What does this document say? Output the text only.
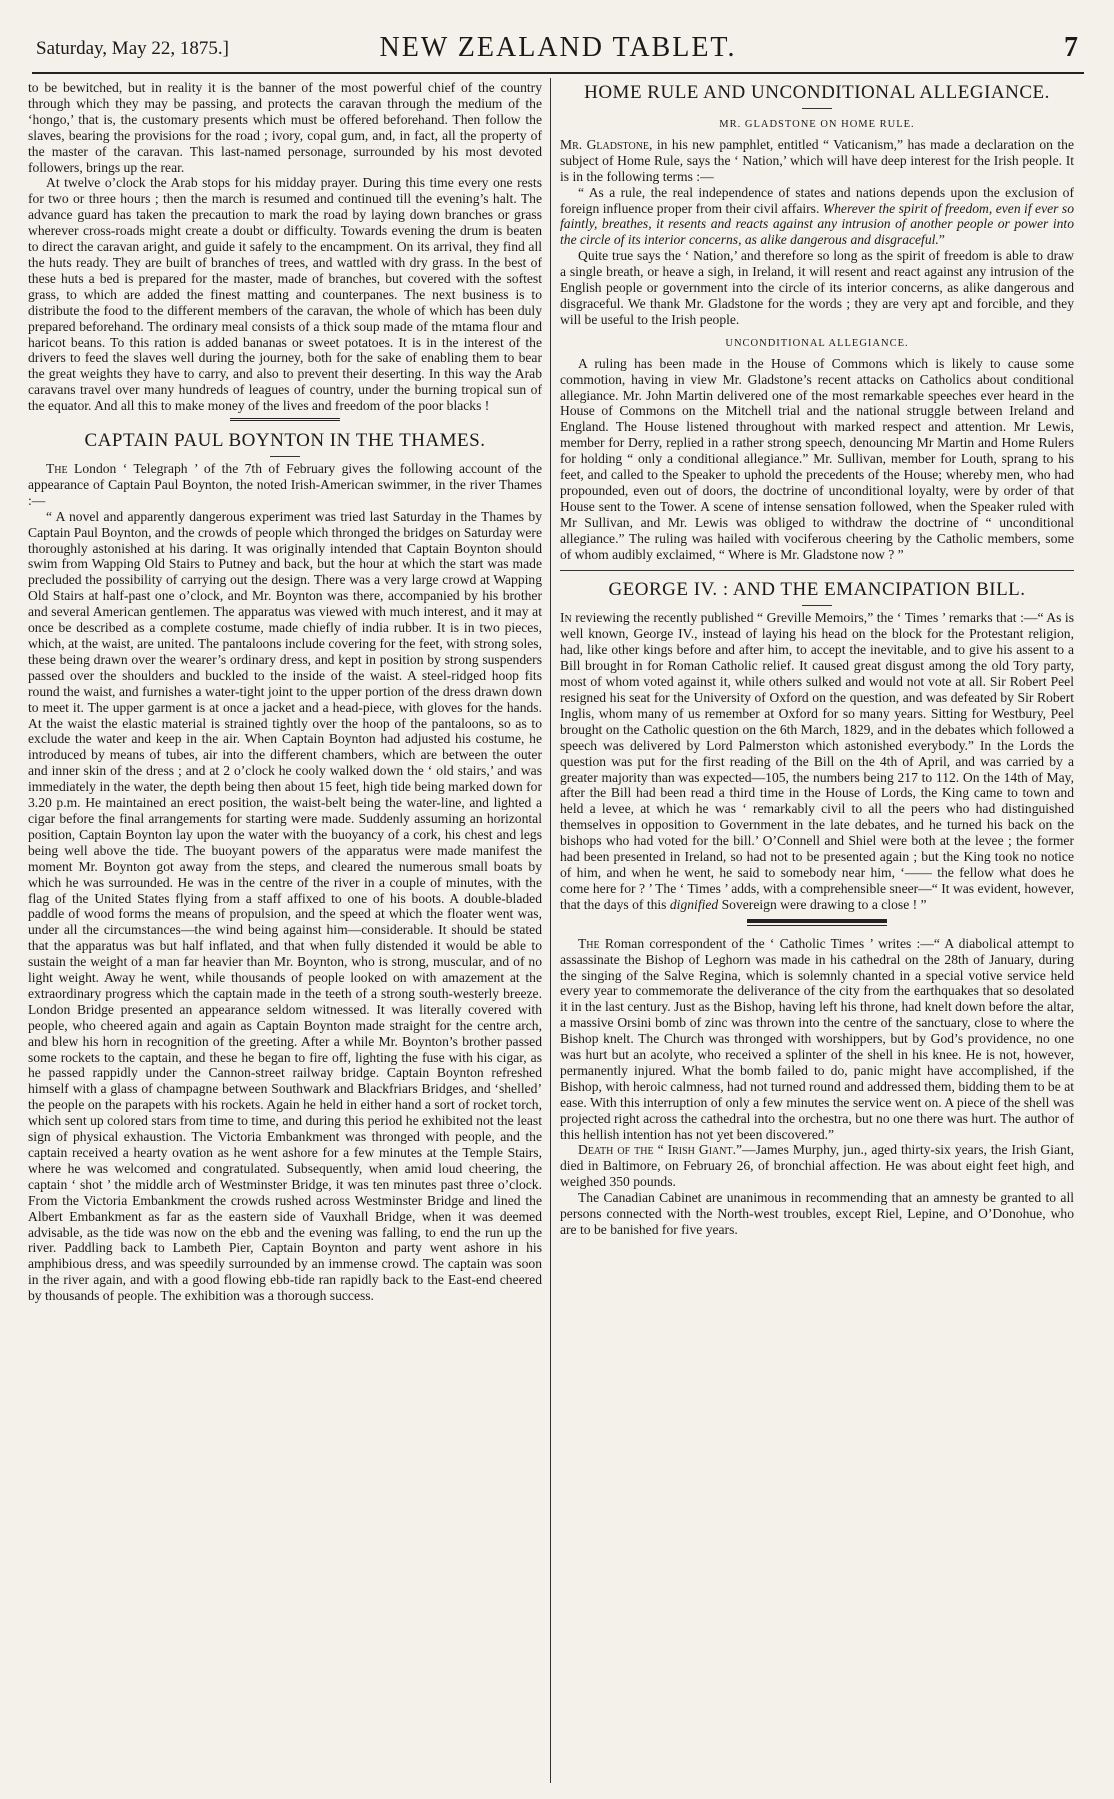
Saturday, May 22, 1875.]	NEW ZEALAND TABLET.	7

to be bewitched, but in reality it is the banner of the most powerful chief of the country through which they may be passing, and protects the caravan through the medium of the ‘hongo,’ that is, the customary presents which must be offered beforehand. Then follow the slaves, bearing the provisions for the road ; ivory, copal gum, and, in fact, all the property of the master of the caravan. This last-named personage, surrounded by his most devoted followers, brings up the rear.

At twelve o’clock the Arab stops for his midday prayer. During this time every one rests for two or three hours ; then the march is resumed and continued till the evening’s halt. The advance guard has taken the precaution to mark the road by laying down branches or grass wherever cross-roads might create a doubt or difficulty. Towards evening the drum is beaten to direct the caravan aright, and guide it safely to the encampment. On its arrival, they find all the huts ready. They are built of branches of trees, and wattled with dry grass. In the best of these huts a bed is prepared for the master, made of branches, but covered with the softest grass, to which are added the finest matting and counterpanes. The next business is to distribute the food to the different members of the caravan, the whole of which has been duly prepared beforehand. The ordinary meal consists of a thick soup made of the mtama flour and haricot beans. To this ration is added bananas or sweet potatoes. It is in the interest of the drivers to feed the slaves well during the journey, both for the sake of enabling them to bear the great weights they have to carry, and also to prevent their deserting. In this way the Arab caravans travel over many hundreds of leagues of country, under the burning tropical sun of the equator. And all this to make money of the lives and freedom of the poor blacks !

CAPTAIN PAUL BOYNTON IN THE THAMES.

The London ‘ Telegraph ’ of the 7th of February gives the following account of the appearance of Captain Paul Boynton, the noted Irish-American swimmer, in the river Thames :—

“ A novel and apparently dangerous experiment was tried last Saturday in the Thames by Captain Paul Boynton, and the crowds of people which thronged the bridges on Saturday were thoroughly astonished at his daring. It was originally intended that Captain Boynton should swim from Wapping Old Stairs to Putney and back, but the hour at which the start was made precluded the possibility of carrying out the design. There was a very large crowd at Wapping Old Stairs at half-past one o’clock, and Mr. Boynton was there, accompanied by his brother and several American gentlemen. The apparatus was viewed with much interest, and it may at once be described as a complete costume, made chiefly of india rubber. It is in two pieces, which, at the waist, are united. The pantaloons include covering for the feet, with strong soles, these being drawn over the wearer’s ordinary dress, and kept in position by strong suspenders passed over the shoulders and buckled to the inside of the waist. A steel-ridged hoop fits round the waist, and furnishes a water-tight joint to the upper portion of the dress drawn down to meet it. The upper garment is at once a jacket and a head-piece, with gloves for the hands. At the waist the elastic material is strained tightly over the hoop of the pantaloons, so as to exclude the water and keep in the air. When Captain Boynton had adjusted his costume, he introduced by means of tubes, air into the different chambers, which are between the outer and inner skin of the dress ; and at 2 o’clock he cooly walked down the ‘ old stairs,’ and was immediately in the water, the depth being then about 15 feet, high tide being marked down for 3.20 p.m. He maintained an erect position, the waist-belt being the water-line, and lighted a cigar before the final arrangements for starting were made. Suddenly assuming an horizontal position, Captain Boynton lay upon the water with the buoyancy of a cork, his chest and legs being well above the tide. The buoyant powers of the apparatus were made manifest the moment Mr. Boynton got away from the steps, and cleared the numerous small boats by which he was surrounded. He was in the centre of the river in a couple of minutes, with the flag of the United States flying from a staff affixed to one of his boots. A double-bladed paddle of wood forms the means of propulsion, and the speed at which the floater went was, under all the circumstances—the wind being against him—considerable. It should be stated that the apparatus was but half inflated, and that when fully distended it would be able to sustain the weight of a man far heavier than Mr. Boynton, who is strong, muscular, and of no light weight. Away he went, while thousands of people looked on with amazement at the extraordinary progress which the captain made in the teeth of a strong south-westerly breeze. London Bridge presented an appearance seldom witnessed. It was literally covered with people, who cheered again and again as Captain Boynton made straight for the centre arch, and blew his horn in recognition of the greeting. After a while Mr. Boynton’s brother passed some rockets to the captain, and these he began to fire off, lighting the fuse with his cigar, as he passed rappidly under the Cannon-street railway bridge. Captain Boynton refreshed himself with a glass of champagne between Southwark and Blackfriars Bridges, and ‘shelled’ the people on the parapets with his rockets. Again he held in either hand a sort of rocket torch, which sent up colored stars from time to time, and during this period he exhibited not the least sign of physical exhaustion. The Victoria Embankment was thronged with people, and the captain received a hearty ovation as he went ashore for a few minutes at the Temple Stairs, where he was welcomed and congratulated. Subsequently, when amid loud cheering, the captain ‘ shot ’ the middle arch of Westminster Bridge, it was ten minutes past three o’clock. From the Victoria Embankment the crowds rushed across Westminster Bridge and lined the Albert Embankment as far as the eastern side of Vauxhall Bridge, when it was deemed advisable, as the tide was now on the ebb and the evening was falling, to end the run up the river. Paddling back to Lambeth Pier, Captain Boynton and party went ashore in his amphibious dress, and was speedily surrounded by an immense crowd. The captain was soon in the river again, and with a good flowing ebb-tide ran rapidly back to the East-end cheered by thousands of people. The exhibition was a thorough success.

HOME RULE AND UNCONDITIONAL ALLEGIANCE.
MR. GLADSTONE ON HOME RULE.

Mr. Gladstone, in his new pamphlet, entitled “ Vaticanism,” has made a declaration on the subject of Home Rule, says the ‘ Nation,’ which will have deep interest for the Irish people. It is in the following terms :—

“ As a rule, the real independence of states and nations depends upon the exclusion of foreign influence proper from their civil affairs. Wherever the spirit of freedom, even if ever so faintly, breathes, it resents and reacts against any intrusion of another people or power into the circle of its interior concerns, as alike dangerous and disgraceful.”

Quite true says the ‘ Nation,’ and therefore so long as the spirit of freedom is able to draw a single breath, or heave a sigh, in Ireland, it will resent and react against any intrusion of the English people or government into the circle of its interior concerns, as alike dangerous and disgraceful. We thank Mr. Gladstone for the words ; they are very apt and forcible, and they will be useful to the Irish people.

UNCONDITIONAL ALLEGIANCE.

A ruling has been made in the House of Commons which is likely to cause some commotion, having in view Mr. Gladstone’s recent attacks on Catholics about conditional allegiance. Mr. John Martin delivered one of the most remarkable speeches ever heard in the House of Commons on the Mitchell trial and the national struggle between Ireland and England. The House listened throughout with marked respect and attention. Mr Lewis, member for Derry, replied in a rather strong speech, denouncing Mr Martin and Home Rulers for holding “ only a conditional allegiance.” Mr. Sullivan, member for Louth, sprang to his feet, and called to the Speaker to uphold the precedents of the House; whereby men, who had propounded, even out of doors, the doctrine of unconditional loyalty, were by order of that House sent to the Tower. A scene of intense sensation followed, when the Speaker ruled with Mr Sullivan, and Mr. Lewis was obliged to withdraw the doctrine of “ unconditional allegiance.” The ruling was hailed with vociferous cheering by the Catholic members, some of whom audibly exclaimed, “ Where is Mr. Gladstone now ? ”

GEORGE IV. : AND THE EMANCIPATION BILL.

In reviewing the recently published “ Greville Memoirs,” the ‘ Times ’ remarks that :—“ As is well known, George IV., instead of laying his head on the block for the Protestant religion, had, like other kings before and after him, to accept the inevitable, and to give his assent to a Bill brought in for Roman Catholic relief. It caused great disgust among the old Tory party, most of whom voted against it, while others sulked and would not vote at all. Sir Robert Peel resigned his seat for the University of Oxford on the question, and was defeated by Sir Robert Inglis, whom many of us remember at Oxford for so many years. Sitting for Westbury, Peel brought on the Catholic question on the 6th March, 1829, and in the debates which followed a speech was delivered by Lord Palmerston which astonished everybody.” In the Lords the question was put for the first reading of the Bill on the 4th of April, and was carried by a greater majority than was expected—105, the numbers being 217 to 112. On the 14th of May, after the Bill had been read a third time in the House of Lords, the King came to town and held a levee, at which he was ‘ remarkably civil to all the peers who had distinguished themselves in opposition to Government in the late debates, and he turned his back on the bishops who had voted for the bill.’ O’Connell and Shiel were both at the levee ; the former had been presented in Ireland, so had not to be presented again ; but the King took no notice of him, and when he went, he said to somebody near him, ‘—— the fellow what does he come here for ? ’ The ‘ Times ’ adds, with a comprehensible sneer—“ It was evident, however, that the days of this dignified Sovereign were drawing to a close ! ”

The Roman correspondent of the ‘ Catholic Times ’ writes :—“ A diabolical attempt to assassinate the Bishop of Leghorn was made in his cathedral on the 28th of January, during the singing of the Salve Regina, which is solemnly chanted in a special votive service held every year to commemorate the deliverance of the city from the earthquakes that so desolated it in the last century. Just as the Bishop, having left his throne, had knelt down before the altar, a massive Orsini bomb of zinc was thrown into the centre of the sanctuary, close to where the Bishop knelt. The Church was thronged with worshippers, but by God’s providence, no one was hurt but an acolyte, who received a splinter of the shell in his knee. He is not, however, permanently injured. What the bomb failed to do, panic might have accomplished, if the Bishop, with heroic calmness, had not turned round and addressed them, bidding them to be at ease. With this interruption of only a few minutes the service went on. A piece of the shell was projected right across the cathedral into the orchestra, but no one there was hurt. The author of this hellish intention has not yet been discovered.”

Death of the “ Irish Giant.”—James Murphy, jun., aged thirty-six years, the Irish Giant, died in Baltimore, on February 26, of bronchial affection. He was about eight feet high, and weighed 350 pounds.

The Canadian Cabinet are unanimous in recommending that an amnesty be granted to all persons connected with the North-west troubles, except Riel, Lepine, and O’Donohue, who are to be banished for five years.
